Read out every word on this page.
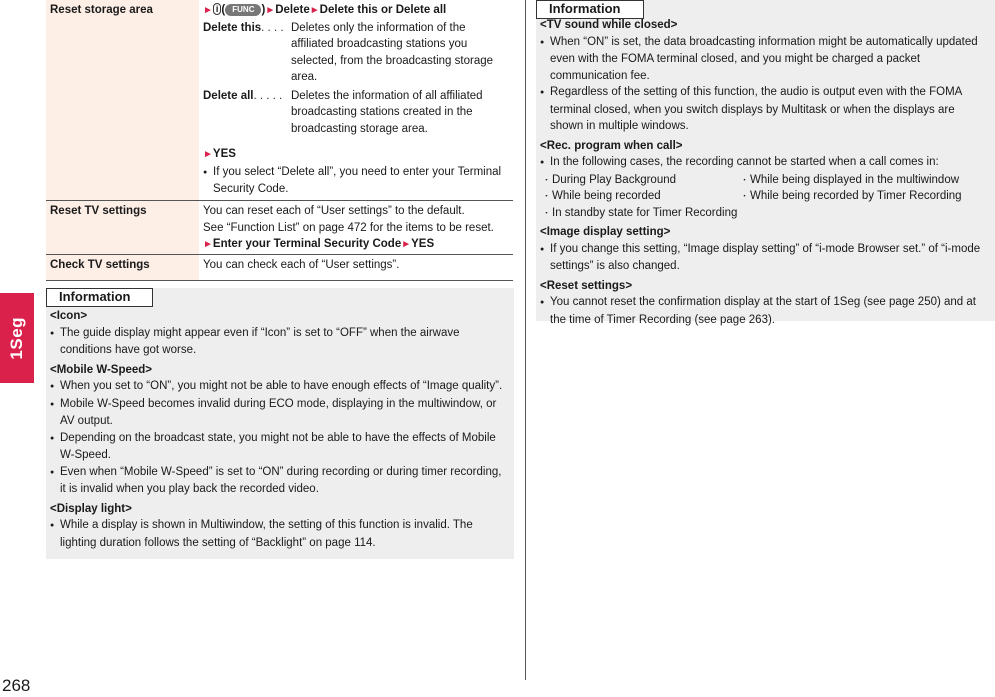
1Seg
268
Reset storage area	► i ( FUNC )►Delete►Delete this or Delete all
Delete this. . . . Deletes only the information of the affiliated broadcasting stations you selected, from the broadcasting storage area.
Delete all. . . . . Deletes the information of all affiliated broadcasting stations created in the broadcasting storage area.
►YES
● If you select “Delete all”, you need to enter your Terminal Security Code.
Reset TV settings	You can reset each of “User settings” to the default.
See “Function List” on page 472 for the items to be reset.
►Enter your Terminal Security Code►YES
Check TV settings	You can check each of “User settings”.
Information
<Icon>
● The guide display might appear even if “Icon” is set to “OFF” when the airwave conditions have got worse.
<Mobile W-Speed>
● When you set to “ON”, you might not be able to have enough effects of “Image quality”.
● Mobile W-Speed becomes invalid during ECO mode, displaying in the multiwindow, or AV output.
● Depending on the broadcast state, you might not be able to have the effects of Mobile W-Speed.
● Even when “Mobile W-Speed” is set to “ON” during recording or during timer recording, it is invalid when you play back the recorded video.
<Display light>
● While a display is shown in Multiwindow, the setting of this function is invalid. The lighting duration follows the setting of “Backlight” on page 114.
Information
<TV sound while closed>
● When “ON” is set, the data broadcasting information might be automatically updated even with the FOMA terminal closed, and you might be charged a packet communication fee.
● Regardless of the setting of this function, the audio is output even with the FOMA terminal closed, when you switch displays by Multitask or when the displays are shown in multiple windows.
<Rec. program when call>
● In the following cases, the recording cannot be started when a call comes in:
・ During Play Background	・ While being displayed in the multiwindow
・ While being recorded	・ While being recorded by Timer Recording
・ In standby state for Timer Recording
<Image display setting>
● If you change this setting, “Image display setting” of “i-mode Browser set.” of “i-mode settings” is also changed.
<Reset settings>
● You cannot reset the confirmation display at the start of 1Seg (see page 250) and at the time of Timer Recording (see page 263).
